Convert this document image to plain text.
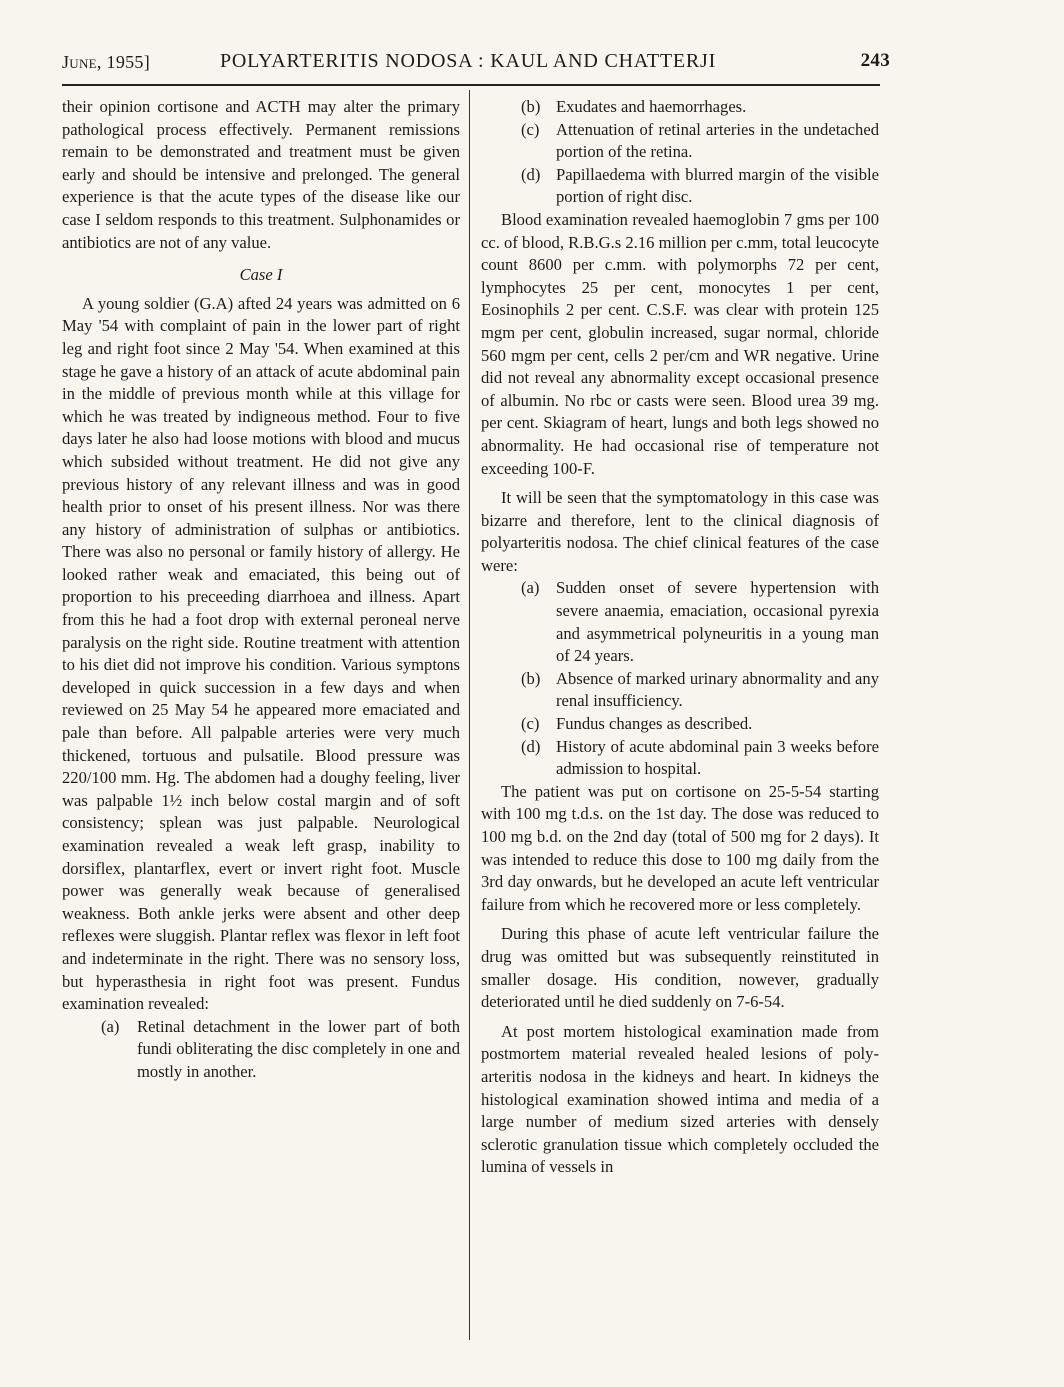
June, 1955]	POLYARTERITIS NODOSA : KAUL AND CHATTERJI	243

their opinion cortisone and ACTH may alter the primary pathological process effectively. Permanent remissions remain to be demonstrated and treatment must be given early and should be intensive and prelonged. The general experience is that the acute types of the disease like our case I seldom responds to this treatment. Sulphonamides or antibiotics are not of any value.

Case I

A young soldier (G.A) afted 24 years was admitted on 6 May '54 with complaint of pain in the lower part of right leg and right foot since 2 May '54. When examined at this stage he gave a history of an attack of acute abdominal pain in the middle of previous month while at this village for which he was treated by indigneous method. Four to five days later he also had loose motions with blood and mucus which subsided without treatment. He did not give any previous history of any relevant illness and was in good health prior to onset of his present illness. Nor was there any history of administration of sulphas or antibiotics. There was also no personal or family history of allergy. He looked rather weak and emaciated, this being out of proportion to his preceeding diarrhoea and illness. Apart from this he had a foot drop with external peroneal nerve paralysis on the right side. Routine treatment with attention to his diet did not improve his condition. Various symptons developed in quick succession in a few days and when reviewed on 25 May 54 he appeared more emaciated and pale than before. All palpable arteries were very much thickened, tortuous and pulsatile. Blood pressure was 220/100 mm. Hg. The abdomen had a doughy feeling, liver was palpable 1½ inch below costal margin and of soft consistency; splean was just palpable. Neurological examination revealed a weak left grasp, inability to dorsiflex, plantarflex, evert or invert right foot. Muscle power was generally weak because of generalised weakness. Both ankle jerks were absent and other deep reflexes were sluggish. Plantar reflex was flexor in left foot and indeterminate in the right. There was no sensory loss, but hyperasthesia in right foot was present. Fundus examination revealed:

(a) Retinal detachment in the lower part of both fundi obliterating the disc completely in one and mostly in another.
(b) Exudates and haemorrhages.
(c) Attenuation of retinal arteries in the undetached portion of the retina.
(d) Papillaedema with blurred margin of the visible portion of right disc.

Blood examination revealed haemoglobin 7 gms per 100 cc. of blood, R.B.G.s 2.16 million per c.mm, total leucocyte count 8600 per c.mm. with polymorphs 72 per cent, lymphocytes 25 per cent, monocytes 1 per cent, Eosinophils 2 per cent. C.S.F. was clear with protein 125 mgm per cent, globulin increased, sugar normal, chloride 560 mgm per cent, cells 2 per/cm and WR negative. Urine did not reveal any abnormality except occasional presence of albumin. No rbc or casts were seen. Blood urea 39 mg. per cent. Skiagram of heart, lungs and both legs showed no abnormality. He had occasional rise of temperature not exceeding 100-F.

It will be seen that the symptomatology in this case was bizarre and therefore, lent to the clinical diagnosis of polyarteritis nodosa. The chief clinical features of the case were:

(a) Sudden onset of severe hypertension with severe anaemia, emaciation, occasional pyrexia and asymmetrical polyneuritis in a young man of 24 years.
(b) Absence of marked urinary abnormality and any renal insufficiency.
(c) Fundus changes as described.
(d) History of acute abdominal pain 3 weeks before admission to hospital.

The patient was put on cortisone on 25-5-54 starting with 100 mg t.d.s. on the 1st day. The dose was reduced to 100 mg b.d. on the 2nd day (total of 500 mg for 2 days). It was intended to reduce this dose to 100 mg daily from the 3rd day onwards, but he developed an acute left ventricular failure from which he recovered more or less completely.

During this phase of acute left ventricular failure the drug was omitted but was subsequently reinstituted in smaller dosage. His condition, nowever, gradually deteriorated until he died suddenly on 7-6-54.

At post mortem histological examination made from postmortem material revealed healed lesions of poly-arteritis nodosa in the kidneys and heart. In kidneys the histological examination showed intima and media of a large number of medium sized arteries with densely sclerotic granulation tissue which completely occluded the lumina of vessels in
